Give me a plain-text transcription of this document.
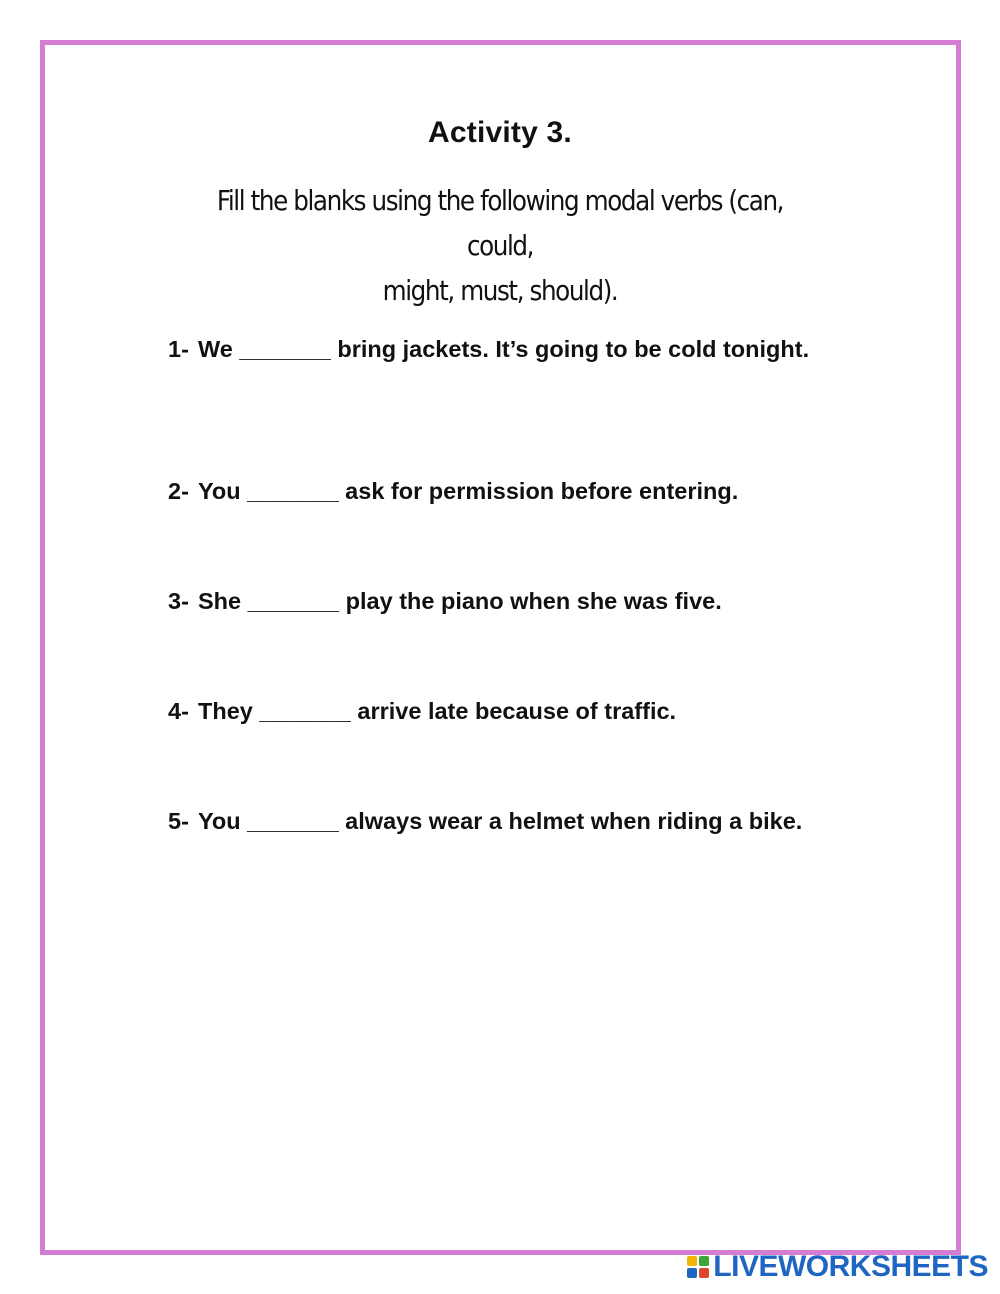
Activity 3.
Fill the blanks using the following modal verbs (can, could,
might, must, should).
1- We _______ bring jackets. It’s going to be cold tonight.
2- You _______ ask for permission before entering.
3- She _______ play the piano when she was five.
4- They _______ arrive late because of traffic.
5- You _______ always wear a helmet when riding a bike.
LIVEWORKSHEETS
